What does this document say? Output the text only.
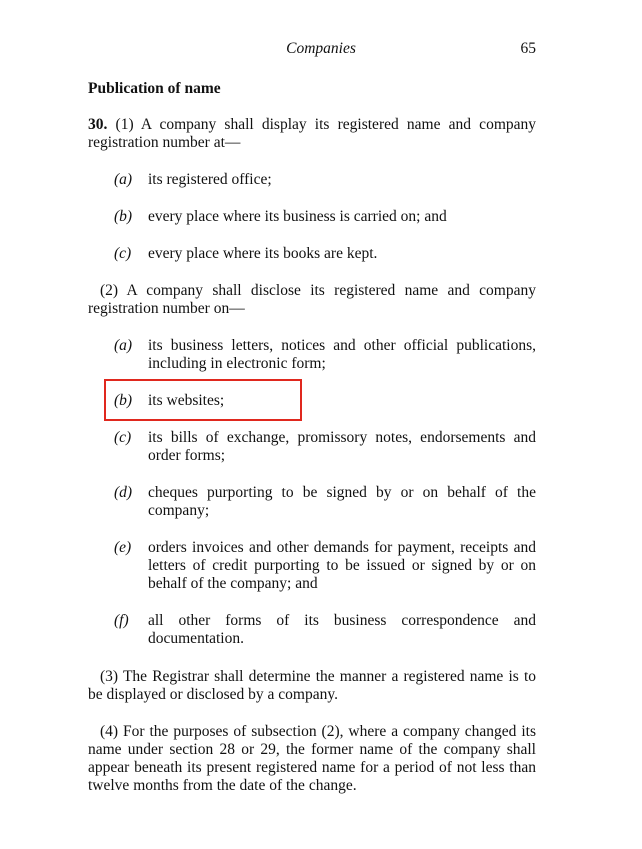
Companies	65
Publication of name
30. (1) A company shall display its registered name and company registration number at—
(a)	its registered office;
(b)	every place where its business is carried on; and
(c)	every place where its books are kept.
(2) A company shall disclose its registered name and company registration number on—
(a)	its business letters, notices and other official publications, including in electronic form;
(b)	its websites;
(c)	its bills of exchange, promissory notes, endorsements and order forms;
(d)	cheques purporting to be signed by or on behalf of the company;
(e)	orders invoices and other demands for payment, receipts and letters of credit purporting to be issued or signed by or on behalf of the company; and
(f)	all other forms of its business correspondence and documentation.
(3) The Registrar shall determine the manner a registered name is to be displayed or disclosed by a company.
(4) For the purposes of subsection (2), where a company changed its name under section 28 or 29, the former name of the company shall appear beneath its present registered name for a period of not less than twelve months from the date of the change.
